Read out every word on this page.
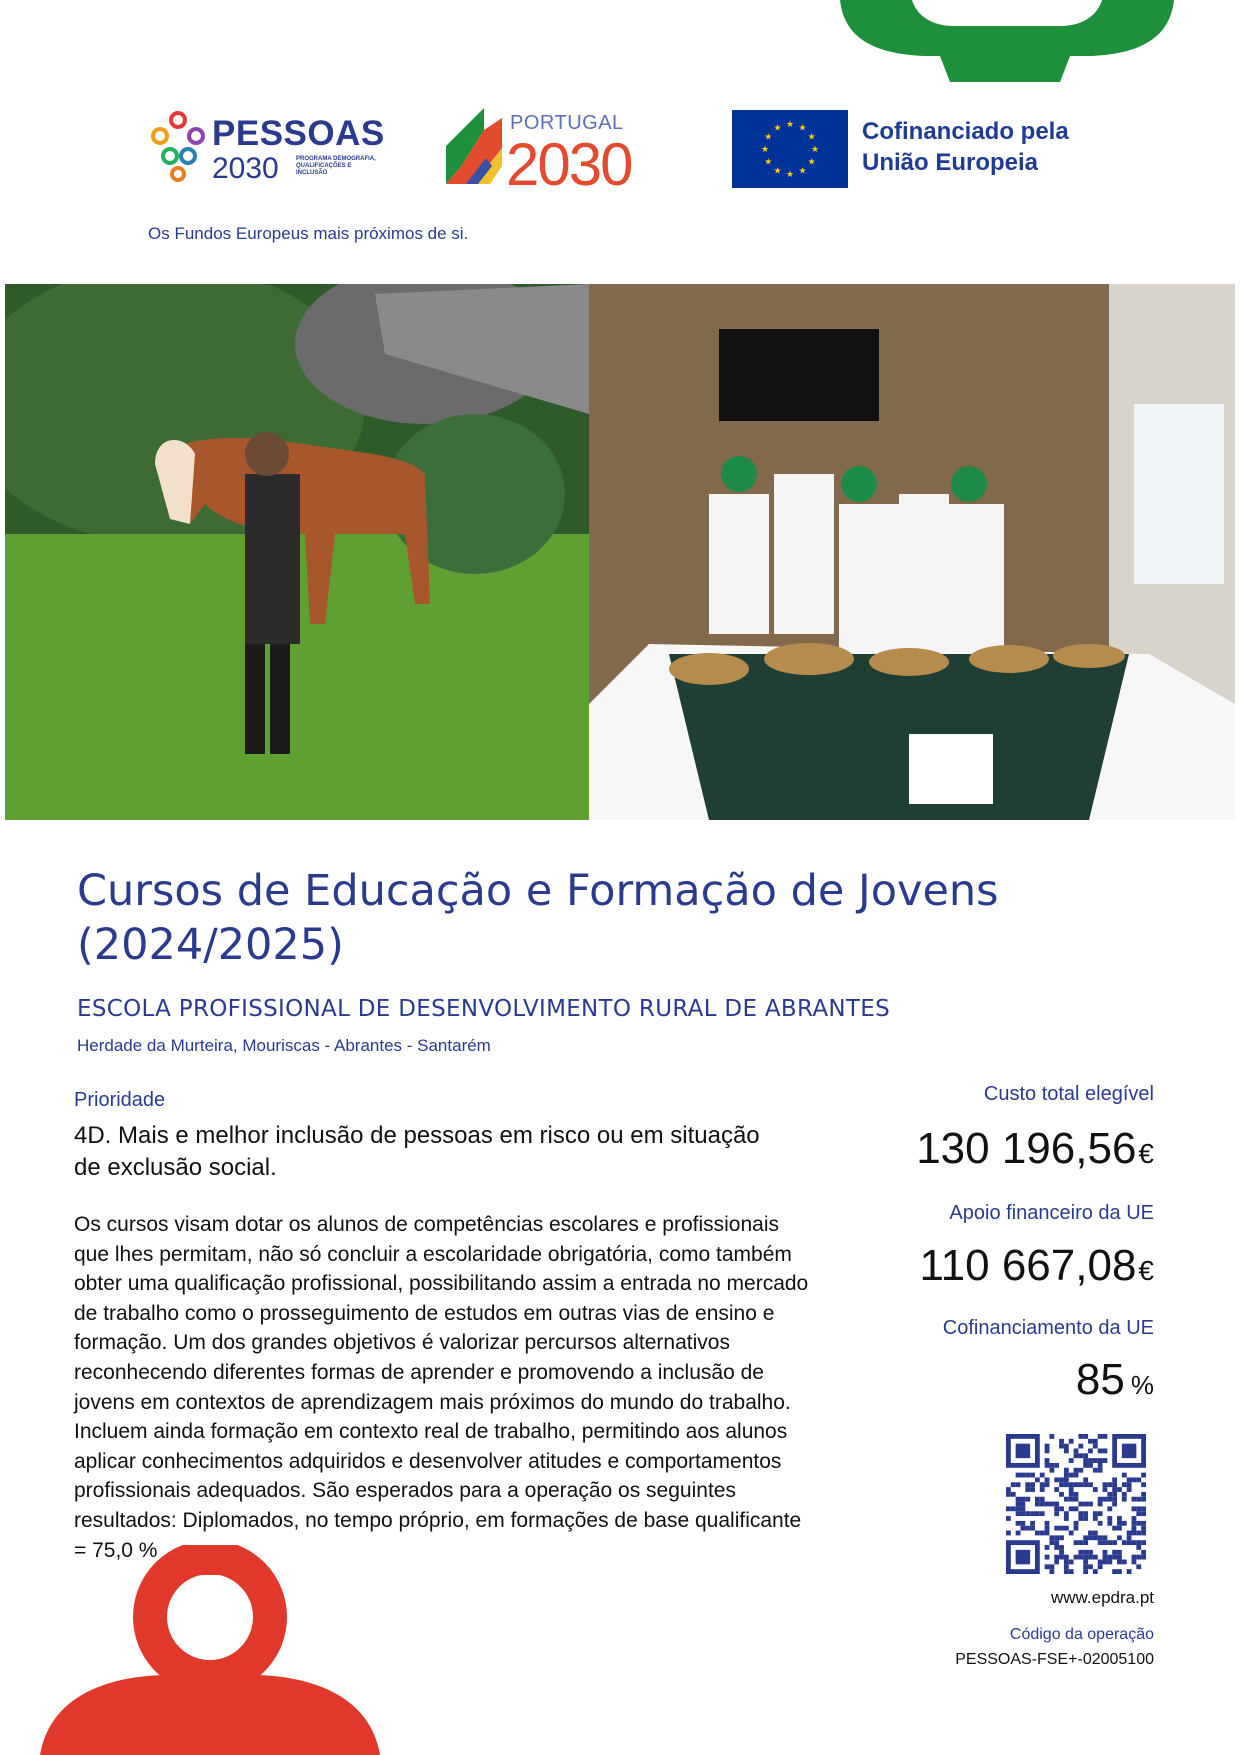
PESSOAS
2030	PROGRAMA DEMOGRAFIA, QUALIFICAÇÕES E INCLUSÃO
PORTUGAL
2030	★
★
★
★
★
★
★
★
★ ★ ★
★ Cofinanciado pela
União Europeia
Os Fundos Europeus mais próximos de si.
Cursos de Educação e Formação de Jovens
(2024/2025)
ESCOLA PROFISSIONAL DE DESENVOLVIMENTO RURAL DE ABRANTES
Herdade da Murteira, Mouriscas - Abrantes - Santarém
Prioridade
4D. Mais e melhor inclusão de pessoas em risco ou em situação de exclusão social.
Os cursos visam dotar os alunos de competências escolares e profissionais que lhes permitam, não só concluir a escolaridade obrigatória, como também obter uma qualificação profissional, possibilitando assim a entrada no mercado de trabalho como o prosseguimento de estudos em outras vias de ensino e formação. Um dos grandes objetivos é valorizar percursos alternativos reconhecendo diferentes formas de aprender e promovendo a inclusão de jovens em contextos de aprendizagem mais próximos do mundo do trabalho. Incluem ainda formação em contexto real de trabalho, permitindo aos alunos aplicar conhecimentos adquiridos e desenvolver atitudes e comportamentos profissionais adequados. São esperados para a operação os seguintes resultados: Diplomados, no tempo próprio, em formações de base qualificante = 75,0 %
Custo total elegível
130 196,56€
Apoio financeiro da UE
110 667,08€
Cofinanciamento da UE
85 %
www.epdra.pt
Código da operação
PESSOAS-FSE+-02005100
